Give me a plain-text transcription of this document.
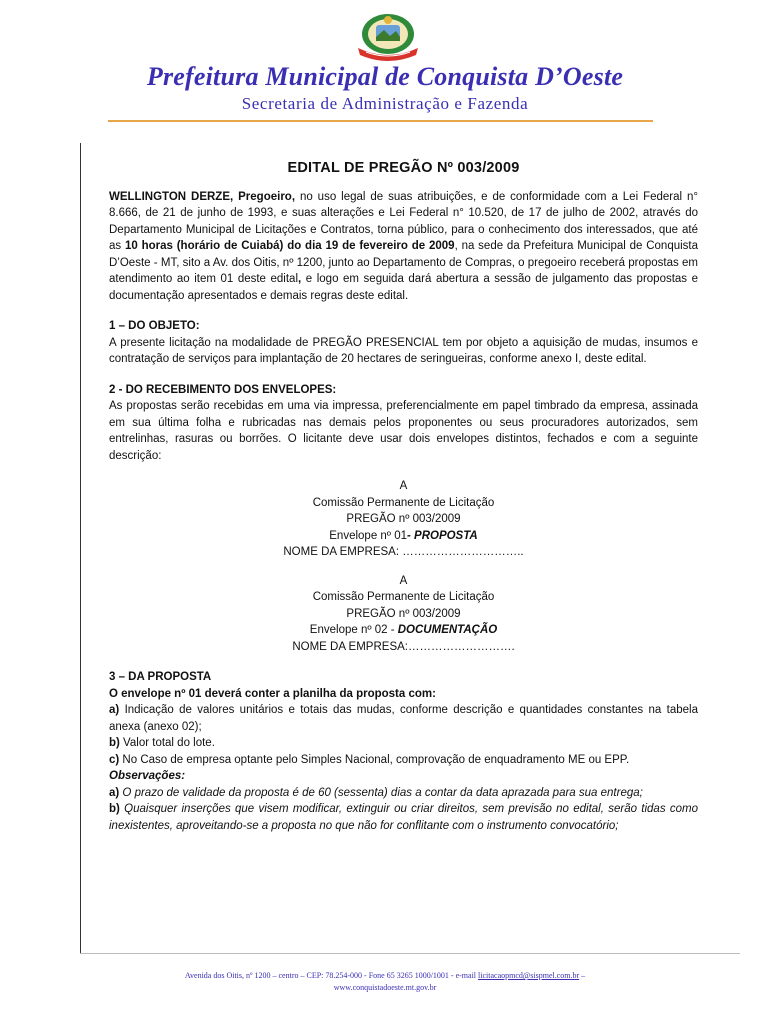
Prefeitura Municipal de Conquista D’Oeste
Secretaria de Administração e Fazenda
EDITAL DE PREGÃO Nº 003/2009

WELLINGTON DERZE, Pregoeiro, no uso legal de suas atribuições, e de conformidade com a Lei Federal n° 8.666, de 21 de junho de 1993, e suas alterações e Lei Federal n° 10.520, de 17 de julho de 2002, através do Departamento Municipal de Licitações e Contratos, torna público, para o conhecimento dos interessados, que até as 10 horas (horário de Cuiabá) do dia 19 de fevereiro de 2009, na sede da Prefeitura Municipal de Conquista D’Oeste - MT, sito a Av. dos Oitis, nº 1200, junto ao Departamento de Compras, o pregoeiro receberá propostas em atendimento ao item 01 deste edital, e logo em seguida dará abertura a sessão de julgamento das propostas e documentação apresentados e demais regras deste edital.

1 – DO OBJETO:

A presente licitação na modalidade de PREGÃO PRESENCIAL tem por objeto a aquisição de mudas, insumos e contratação de serviços para implantação de 20 hectares de seringueiras, conforme anexo I, deste edital.

2 - DO RECEBIMENTO DOS ENVELOPES:

As propostas serão recebidas em uma via impressa, preferencialmente em papel timbrado da empresa, assinada em sua última folha e rubricadas nas demais pelos proponentes ou seus procuradores autorizados, sem entrelinhas, rasuras ou borrões. O licitante deve usar dois envelopes distintos, fechados e com a seguinte descrição:

A

Comissão Permanente de Licitação

PREGÃO nº 003/2009

Envelope nº 01- PROPOSTA

NOME DA EMPRESA: …………………………..

A

Comissão Permanente de Licitação

PREGÃO nº 003/2009

Envelope nº 02 - DOCUMENTAÇÃO

NOME DA EMPRESA:……………………….

3 – DA PROPOSTA

O envelope nº 01 deverá conter a planilha da proposta com:

a) Indicação de valores unitários e totais das mudas, conforme descrição e quantidades constantes na tabela anexa (anexo 02);

b) Valor total do lote.

c) No Caso de empresa optante pelo Simples Nacional, comprovação de enquadramento ME ou EPP.

Observações:

a) O prazo de validade da proposta é de 60 (sessenta) dias a contar da data aprazada para sua entrega;

b) Quaisquer inserções que visem modificar, extinguir ou criar direitos, sem previsão no edital, serão tidas como inexistentes, aproveitando-se a proposta no que não for conflitante com o instrumento convocatório;

Avenida dos Oitis, nº 1200 – centro – CEP: 78.254-000 - Fone 65 3265 1000/1001 - e-mail licitacaopmcd@sispmel.com.br –
www.conquistadoeste.mt.gov.br
